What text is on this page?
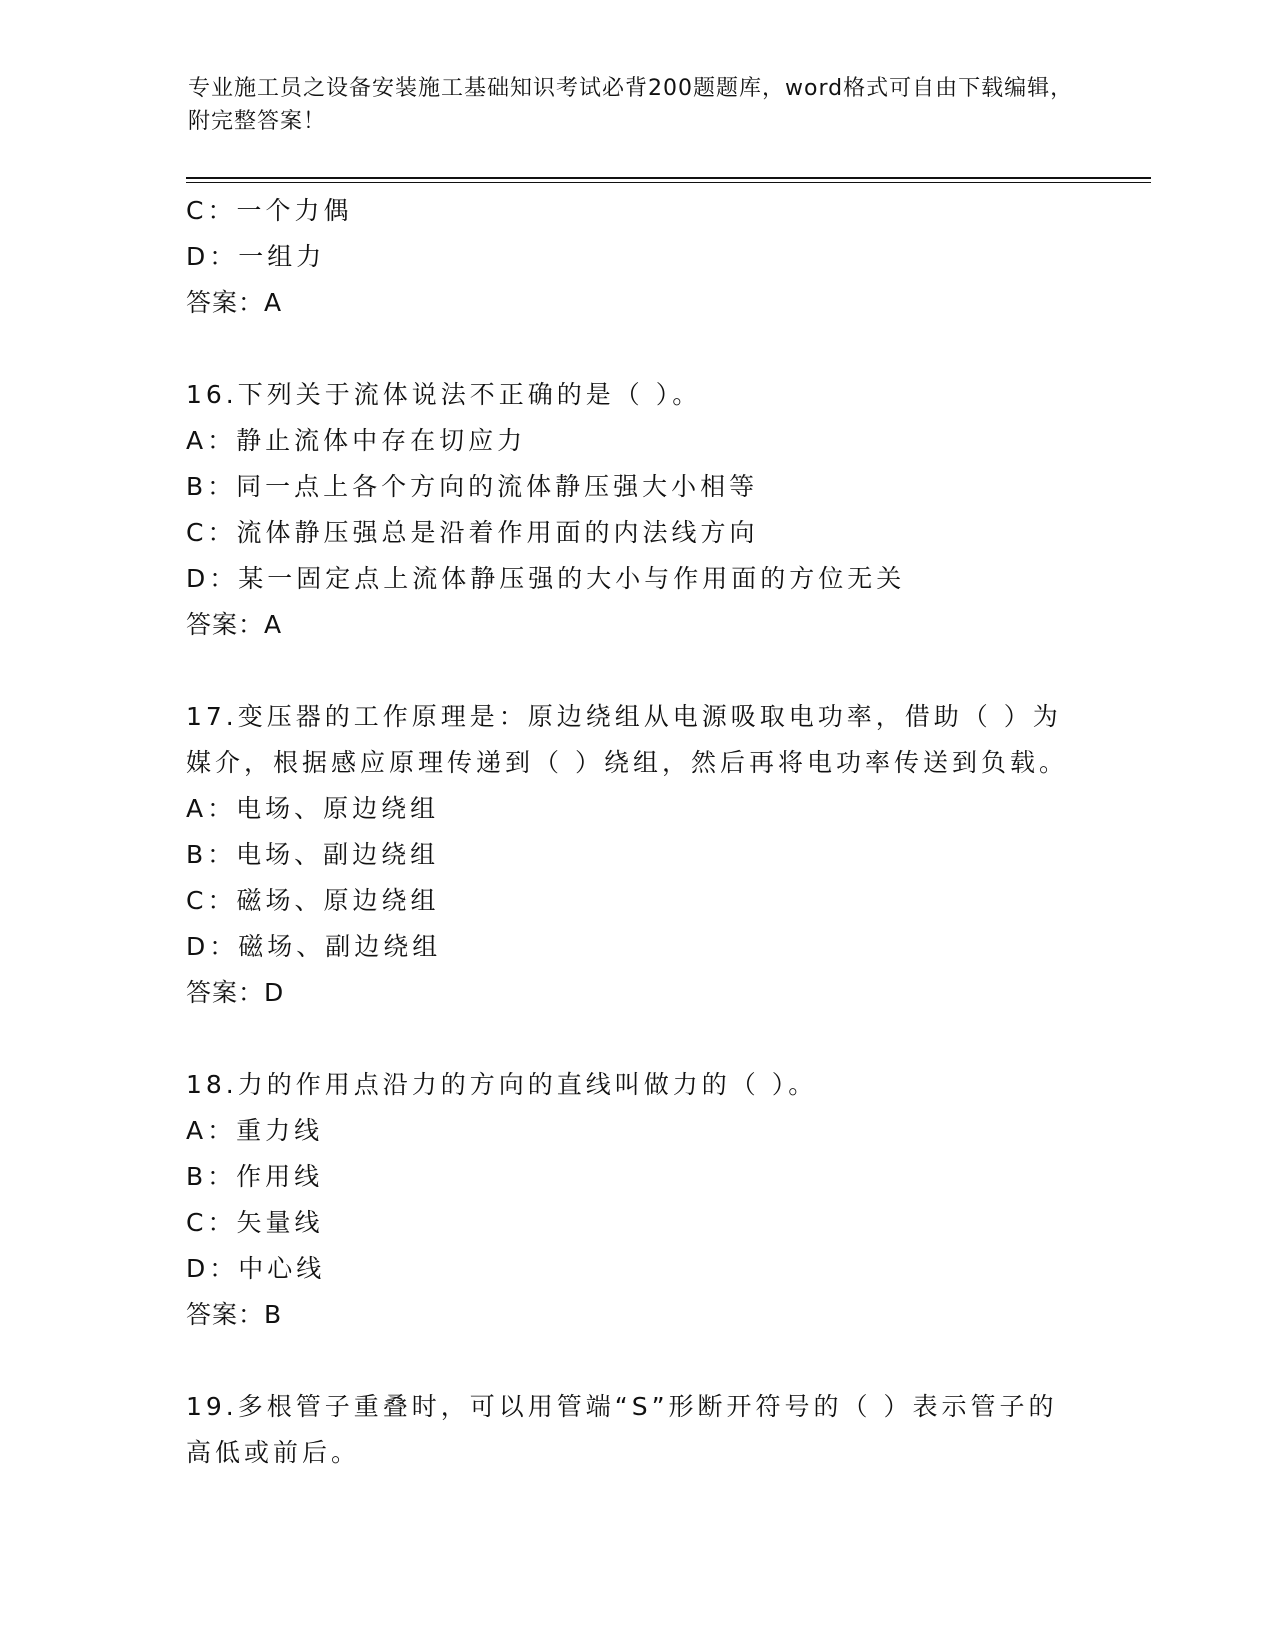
专业施工员之设备安装施工基础知识考试必背200题题库，word格式可自由下载编辑，附完整答案！
C：一个力偶
D：一组力
答案：A
16.下列关于流体说法不正确的是（ ）。
A：静止流体中存在切应力
B：同一点上各个方向的流体静压强大小相等
C：流体静压强总是沿着作用面的内法线方向
D：某一固定点上流体静压强的大小与作用面的方位无关
答案：A
17.变压器的工作原理是：原边绕组从电源吸取电功率，借助（ ）为
媒介，根据感应原理传递到（ ）绕组，然后再将电功率传送到负载。
A：电场、原边绕组
B：电场、副边绕组
C：磁场、原边绕组
D：磁场、副边绕组
答案：D
18.力的作用点沿力的方向的直线叫做力的（ ）。
A：重力线
B：作用线
C：矢量线
D：中心线
答案：B
19.多根管子重叠时，可以用管端“S”形断开符号的（ ）表示管子的
高低或前后。
